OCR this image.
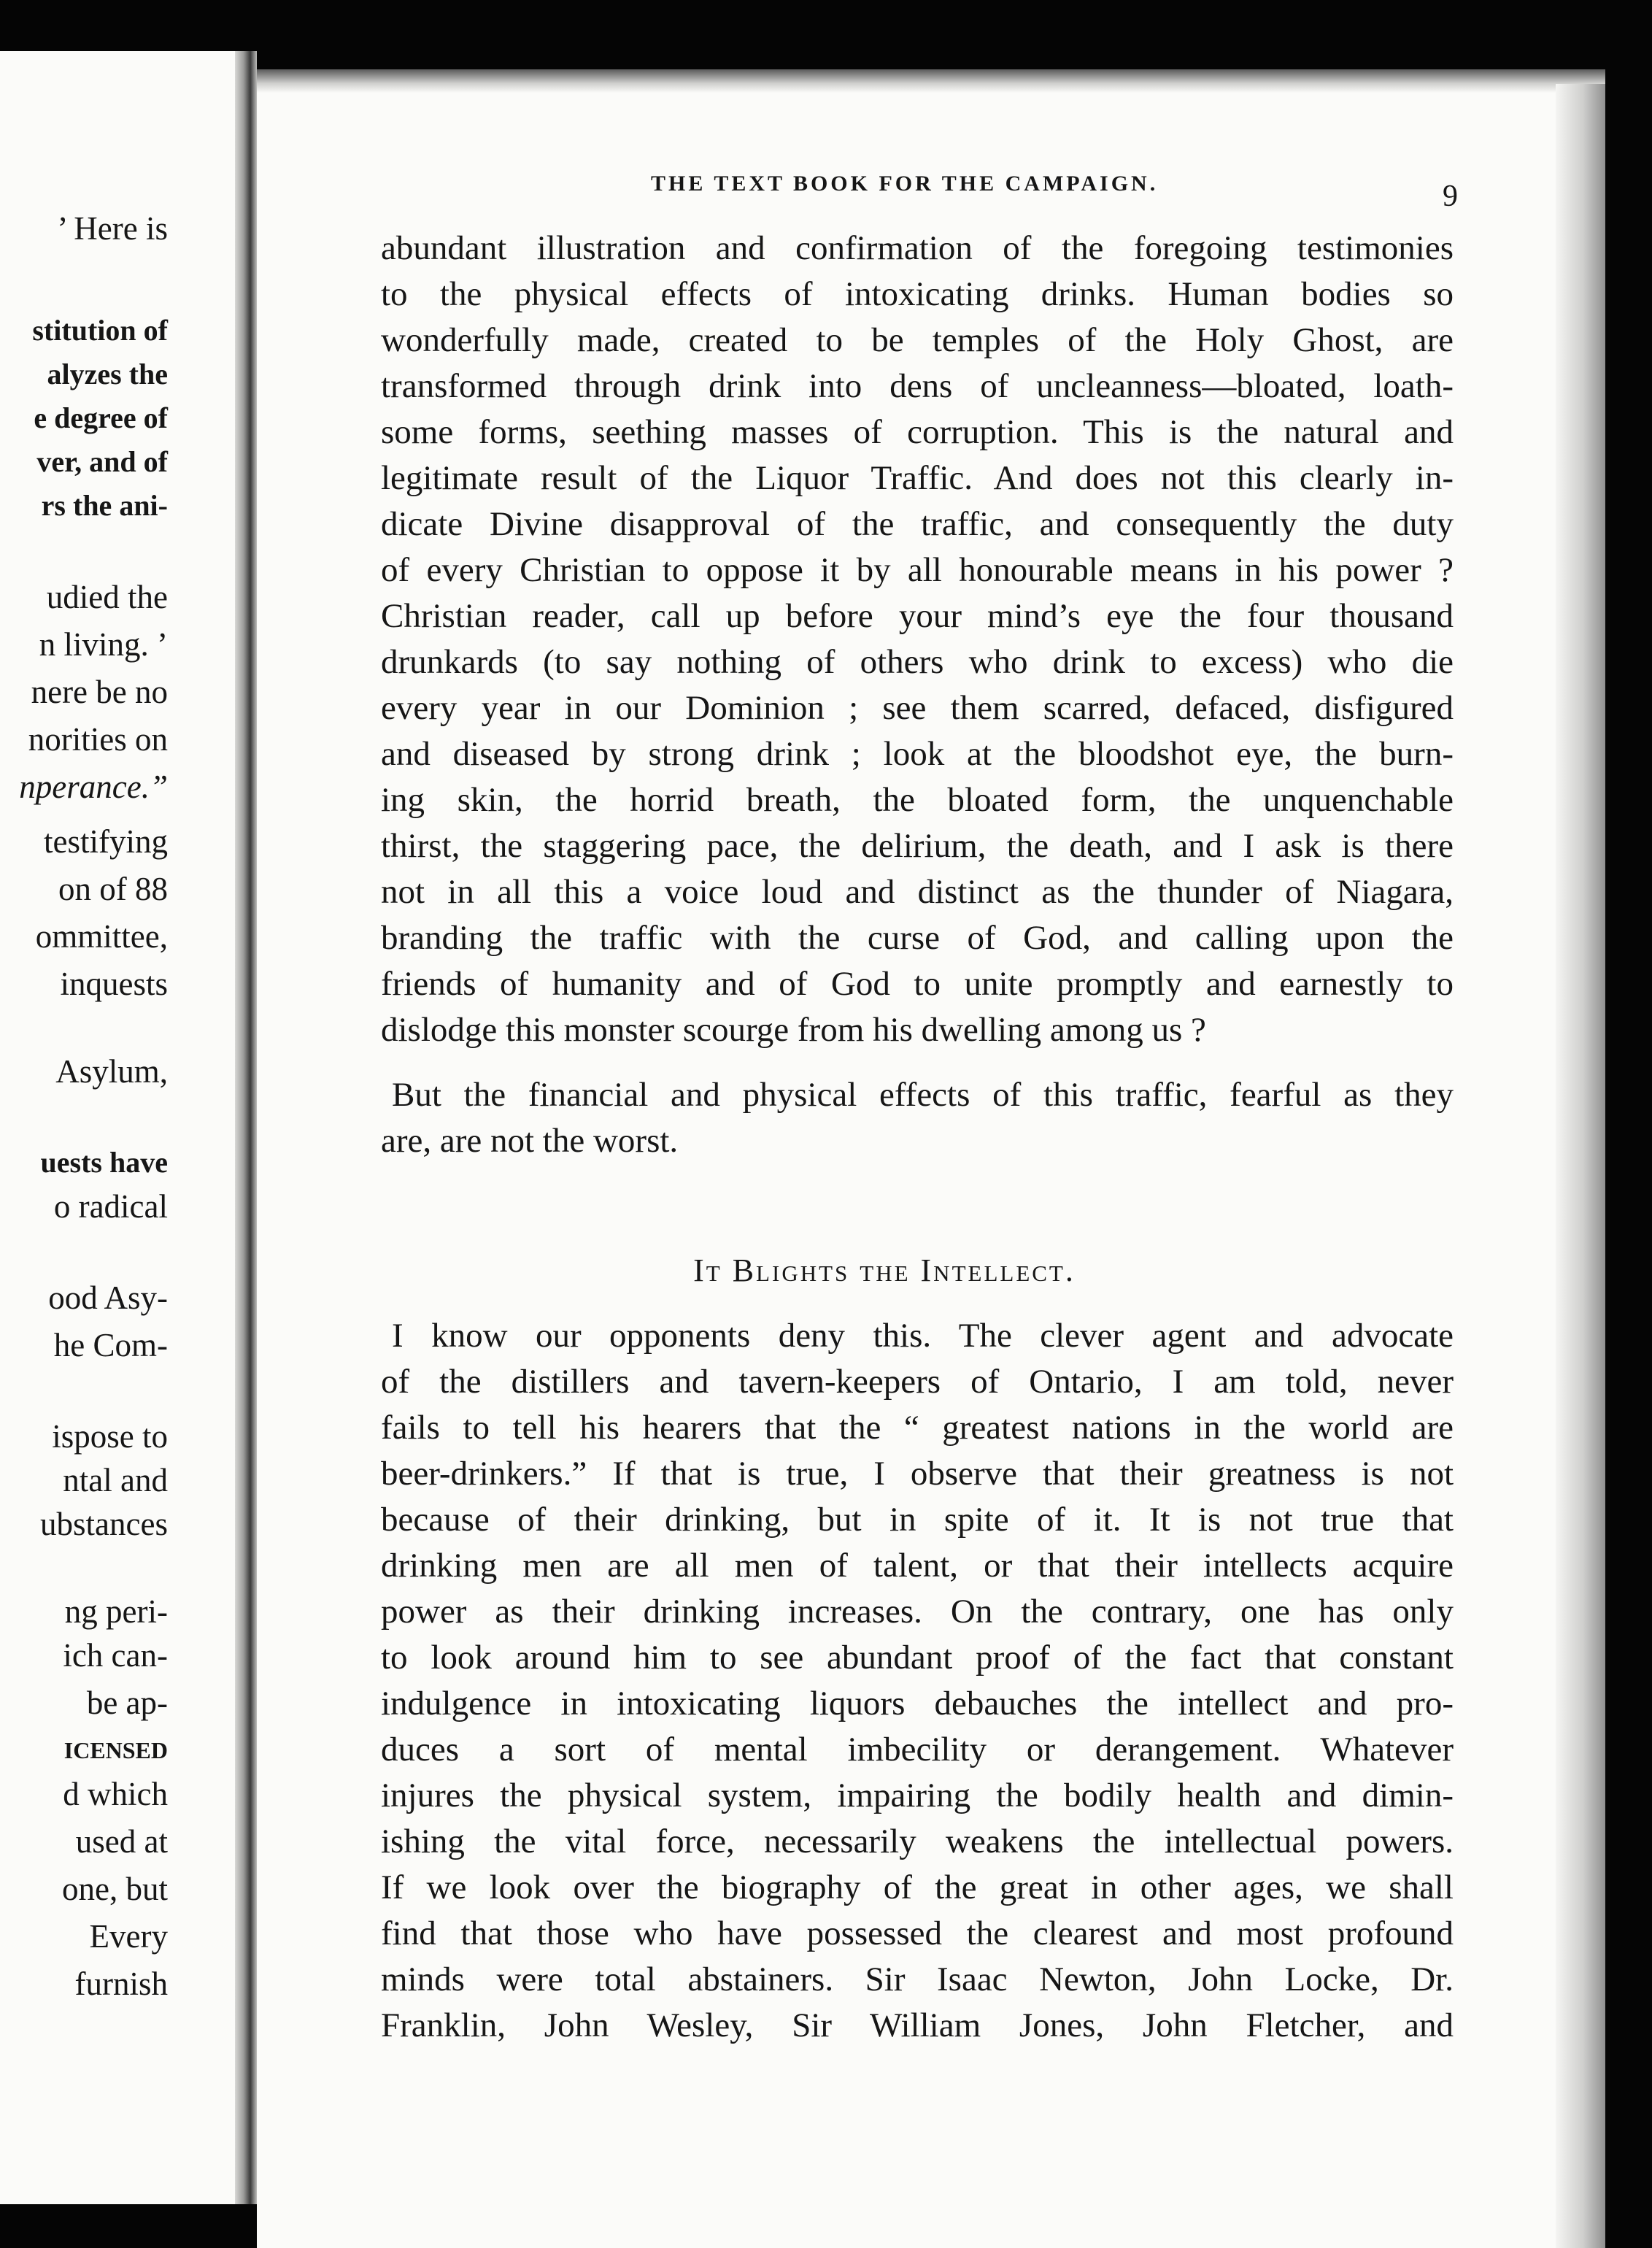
’ Here is
stitution of
alyzes the
e degree of
ver, and of
rs the ani-
udied the
n living. ’
nere be no
norities on
nperance.”
testifying
on of 88
ommittee,
inquests
Asylum,
uests have
o radical
ood Asy-
he Com-
ispose to
ntal and
ubstances
ng peri-
ich can-
be ap-
ICENSED
d which
used at
one, but
Every
furnish
THE TEXT BOOK FOR THE CAMPAIGN.	9
abundant illustration and confirmation of the foregoing testimonies
to the physical effects of intoxicating drinks. Human bodies so
wonderfully made, created to be temples of the Holy Ghost, are
transformed through drink into dens of uncleanness—bloated, loath-
some forms, seething masses of corruption. This is the natural and
legitimate result of the Liquor Traffic. And does not this clearly in-
dicate Divine disapproval of the traffic, and consequently the duty
of every Christian to oppose it by all honourable means in his power ?
Christian reader, call up before your mind’s eye the four thousand
drunkards (to say nothing of others who drink to excess) who die
every year in our Dominion ; see them scarred, defaced, disfigured
and diseased by strong drink ; look at the bloodshot eye, the burn-
ing skin, the horrid breath, the bloated form, the unquenchable
thirst, the staggering pace, the delirium, the death, and I ask is there
not in all this a voice loud and distinct as the thunder of Niagara,
branding the traffic with the curse of God, and calling upon the
friends of humanity and of God to unite promptly and earnestly to
dislodge this monster scourge from his dwelling among us ?
But the financial and physical effects of this traffic, fearful as they
are, are not the worst.
It Blights the Intellect.
I know our opponents deny this. The clever agent and advocate
of the distillers and tavern-keepers of Ontario, I am told, never
fails to tell his hearers that the “ greatest nations in the world are
beer-drinkers.” If that is true, I observe that their greatness is not
because of their drinking, but in spite of it. It is not true that
drinking men are all men of talent, or that their intellects acquire
power as their drinking increases. On the contrary, one has only
to look around him to see abundant proof of the fact that constant
indulgence in intoxicating liquors debauches the intellect and pro-
duces a sort of mental imbecility or derangement. Whatever
injures the physical system, impairing the bodily health and dimin-
ishing the vital force, necessarily weakens the intellectual powers.
If we look over the biography of the great in other ages, we shall
find that those who have possessed the clearest and most profound
minds were total abstainers. Sir Isaac Newton, John Locke, Dr.
Franklin, John Wesley, Sir William Jones, John Fletcher, and
